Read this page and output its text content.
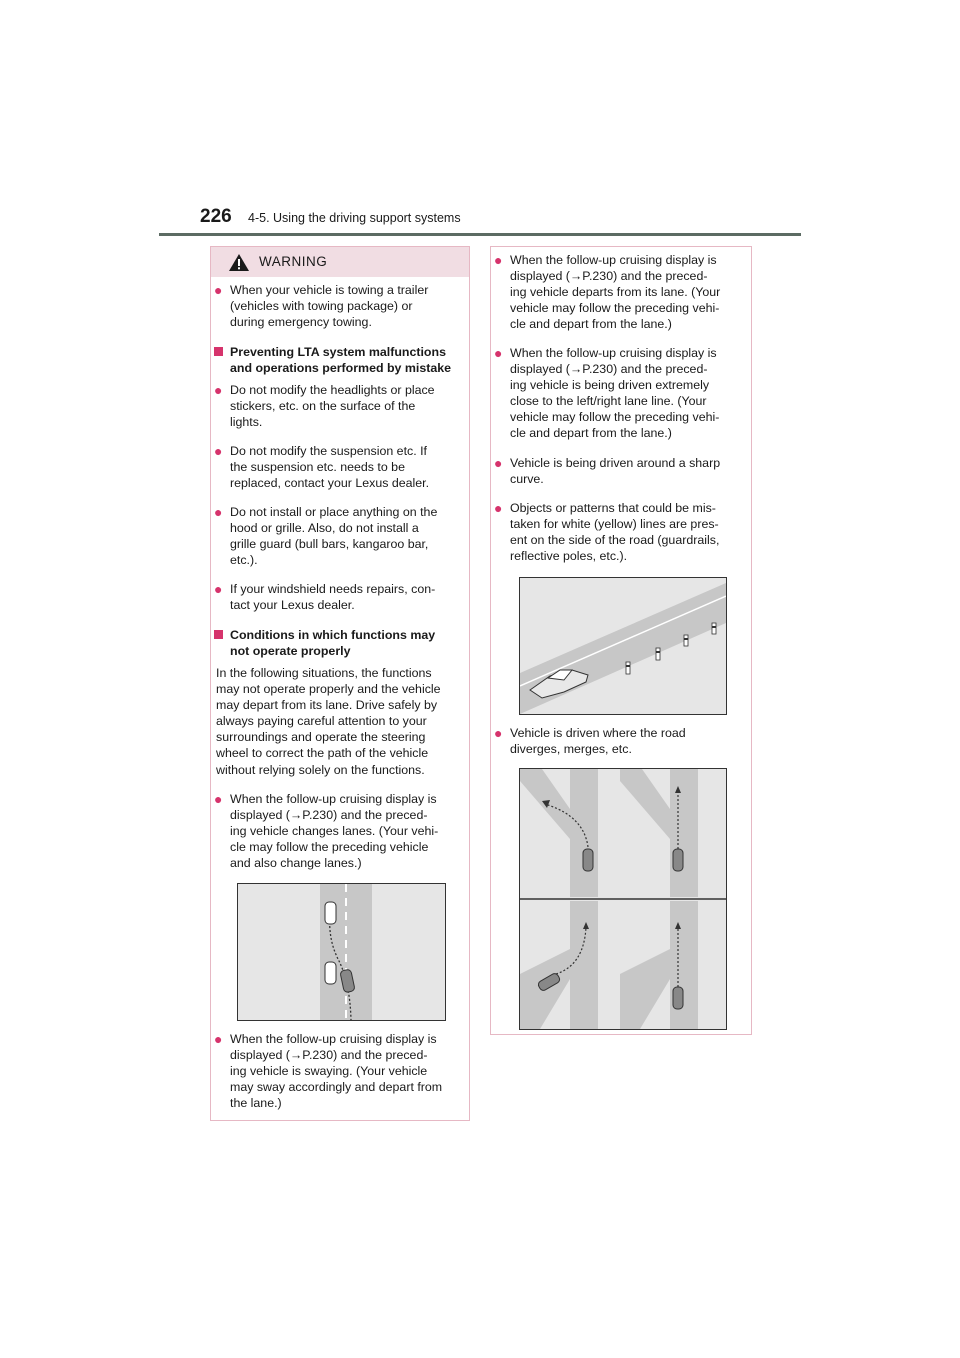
226 4-5. Using the driving support systems
WARNING
● When your vehicle is towing a trailer
(vehicles with towing package) or
during emergency towing.
Preventing LTA system malfunctions
and operations performed by mistake
● Do not modify the headlights or place
stickers, etc. on the surface of the
lights.
● Do not modify the suspension etc. If
the suspension etc. needs to be
replaced, contact your Lexus dealer.
● Do not install or place anything on the
hood or grille. Also, do not install a
grille guard (bull bars, kangaroo bar,
etc.).
● If your windshield needs repairs, con-
tact your Lexus dealer.
Conditions in which functions may
not operate properly
In the following situations, the functions
may not operate properly and the vehicle
may depart from its lane. Drive safely by
always paying careful attention to your
surroundings and operate the steering
wheel to correct the path of the vehicle
without relying solely on the functions.
● When the follow-up cruising display is
displayed (→P.230) and the preced-
ing vehicle changes lanes. (Your vehi-
cle may follow the preceding vehicle
and also change lanes.)
● When the follow-up cruising display is
displayed (→P.230) and the preced-
ing vehicle is swaying. (Your vehicle
may sway accordingly and depart from
the lane.)
● When the follow-up cruising display is
displayed (→P.230) and the preced-
ing vehicle departs from its lane. (Your
vehicle may follow the preceding vehi-
cle and depart from the lane.)
● When the follow-up cruising display is
displayed (→P.230) and the preced-
ing vehicle is being driven extremely
close to the left/right lane line. (Your
vehicle may follow the preceding vehi-
cle and depart from the lane.)
● Vehicle is being driven around a sharp
curve.
● Objects or patterns that could be mis-
taken for white (yellow) lines are pres-
ent on the side of the road (guardrails,
reflective poles, etc.).
● Vehicle is driven where the road
diverges, merges, etc.
